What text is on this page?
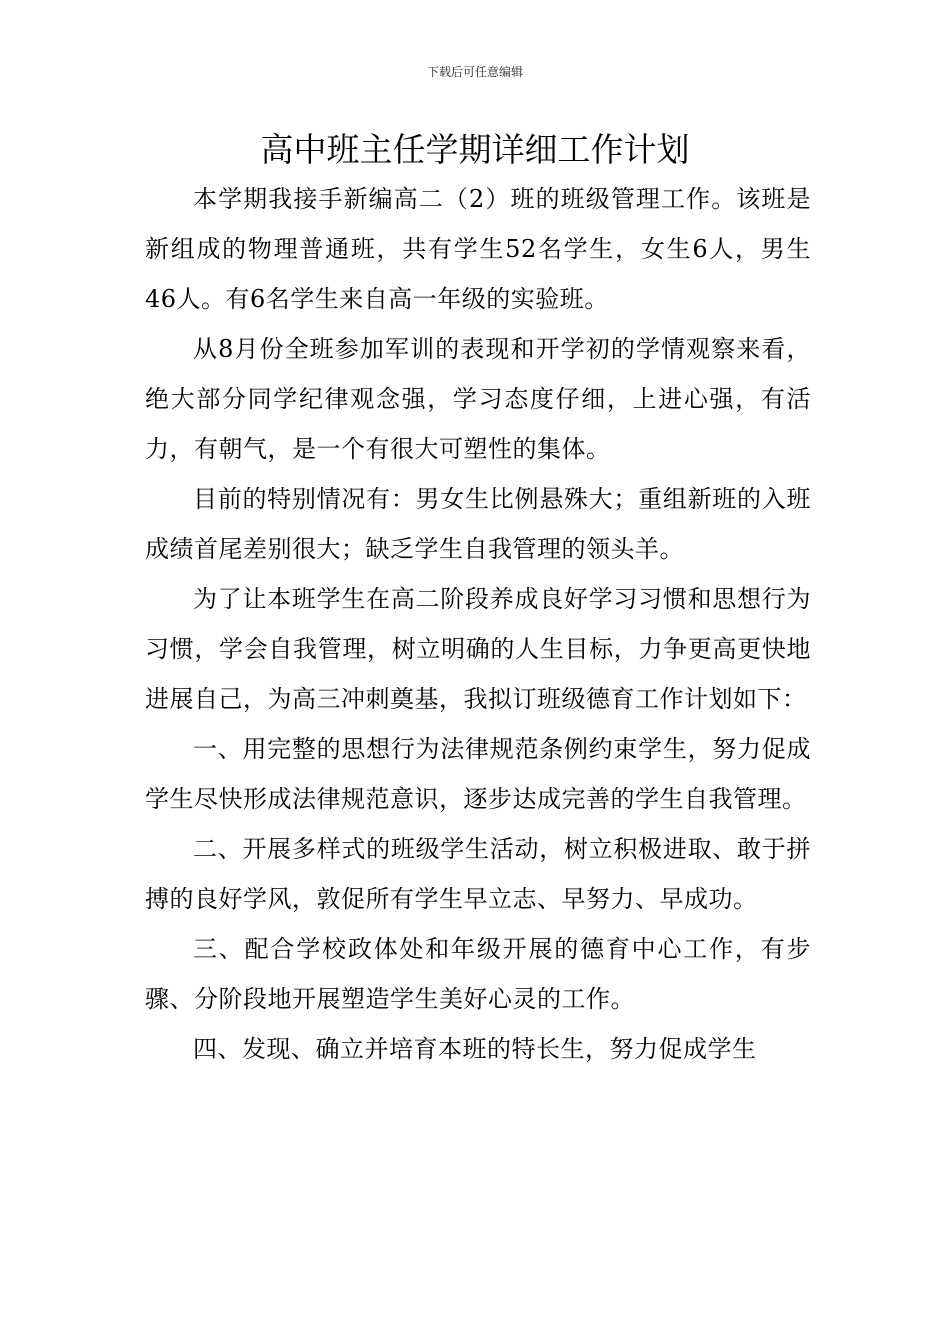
下载后可任意编辑
高中班主任学期详细工作计划

本学期我接手新编高二（2）班的班级管理工作。该班是新组成的物理普通班，共有学生52名学生，女生6人，男生46人。有6名学生来自高一年级的实验班。

从8月份全班参加军训的表现和开学初的学情观察来看，绝大部分同学纪律观念强，学习态度仔细，上进心强，有活力，有朝气，是一个有很大可塑性的集体。

目前的特别情况有：男女生比例悬殊大；重组新班的入班成绩首尾差别很大；缺乏学生自我管理的领头羊。

为了让本班学生在高二阶段养成良好学习习惯和思想行为习惯，学会自我管理，树立明确的人生目标，力争更高更快地进展自己，为高三冲刺奠基，我拟订班级德育工作计划如下：

一、用完整的思想行为法律规范条例约束学生，努力促成学生尽快形成法律规范意识，逐步达成完善的学生自我管理。

二、开展多样式的班级学生活动，树立积极进取、敢于拼搏的良好学风，敦促所有学生早立志、早努力、早成功。

三、配合学校政体处和年级开展的德育中心工作，有步骤、分阶段地开展塑造学生美好心灵的工作。

四、发现、确立并培育本班的特长生，努力促成学生
